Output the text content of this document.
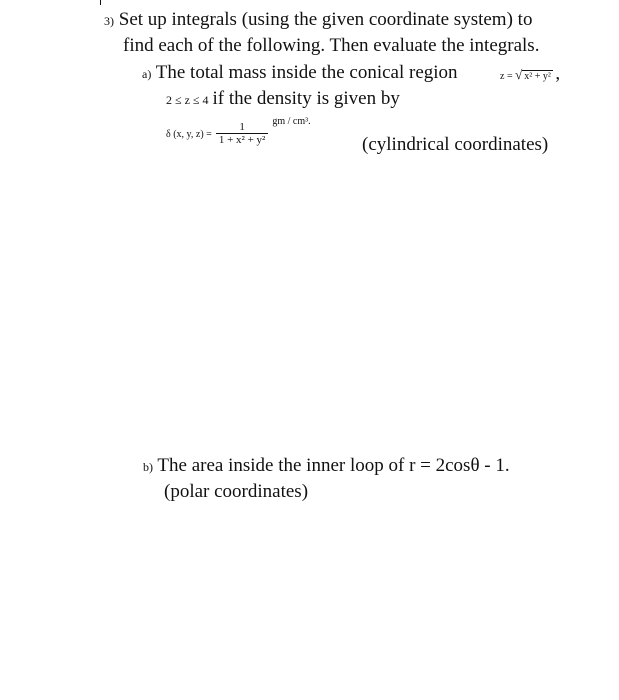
3) Set up integrals (using the given coordinate system) to
find each of the following. Then evaluate the integrals.
a) The total mass inside the conical region	z = √ x² + y² ,
2 ≤ z ≤ 4 if the density is given by
δ (x, y, $z) = \frac{1}{\text{1 + x² + y²}} ^{gm / cm^3.}$
(cylindrical coordinates)
b) The area inside the inner loop of r = 2cosθ - 1.
(polar coordinates)
